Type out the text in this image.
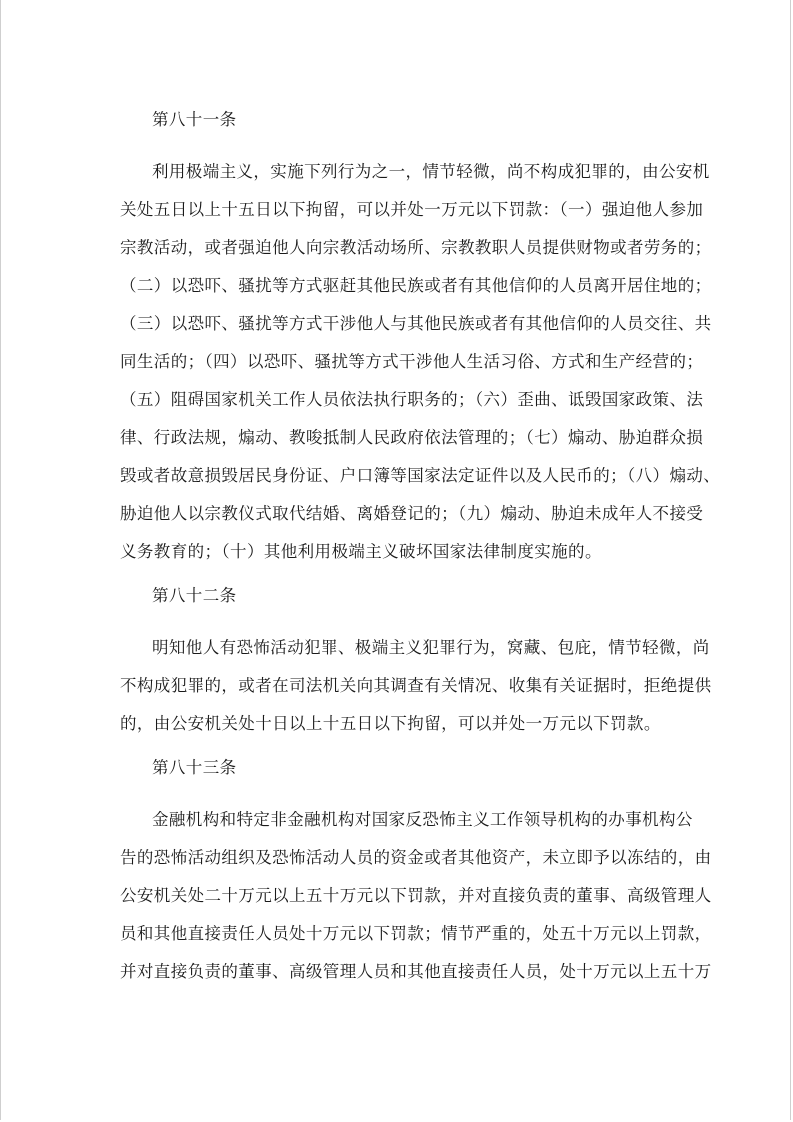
第八十一条
利用极端主义，实施下列行为之一，情节轻微，尚不构成犯罪的，由公安机
关处五日以上十五日以下拘留，可以并处一万元以下罚款：（一）强迫他人参加
宗教活动，或者强迫他人向宗教活动场所、宗教教职人员提供财物或者劳务的；
（二）以恐吓、骚扰等方式驱赶其他民族或者有其他信仰的人员离开居住地的；
（三）以恐吓、骚扰等方式干涉他人与其他民族或者有其他信仰的人员交往、共
同生活的；（四）以恐吓、骚扰等方式干涉他人生活习俗、方式和生产经营的；
（五）阻碍国家机关工作人员依法执行职务的；（六）歪曲、诋毁国家政策、法
律、行政法规，煽动、教唆抵制人民政府依法管理的；（七）煽动、胁迫群众损
毁或者故意损毁居民身份证、户口簿等国家法定证件以及人民币的；（八）煽动、
胁迫他人以宗教仪式取代结婚、离婚登记的；（九）煽动、胁迫未成年人不接受
义务教育的；（十）其他利用极端主义破坏国家法律制度实施的。
第八十二条
明知他人有恐怖活动犯罪、极端主义犯罪行为，窝藏、包庇，情节轻微，尚
不构成犯罪的，或者在司法机关向其调查有关情况、收集有关证据时，拒绝提供
的，由公安机关处十日以上十五日以下拘留，可以并处一万元以下罚款。
第八十三条
金融机构和特定非金融机构对国家反恐怖主义工作领导机构的办事机构公
告的恐怖活动组织及恐怖活动人员的资金或者其他资产，未立即予以冻结的，由
公安机关处二十万元以上五十万元以下罚款，并对直接负责的董事、高级管理人
员和其他直接责任人员处十万元以下罚款；情节严重的，处五十万元以上罚款，
并对直接负责的董事、高级管理人员和其他直接责任人员，处十万元以上五十万
